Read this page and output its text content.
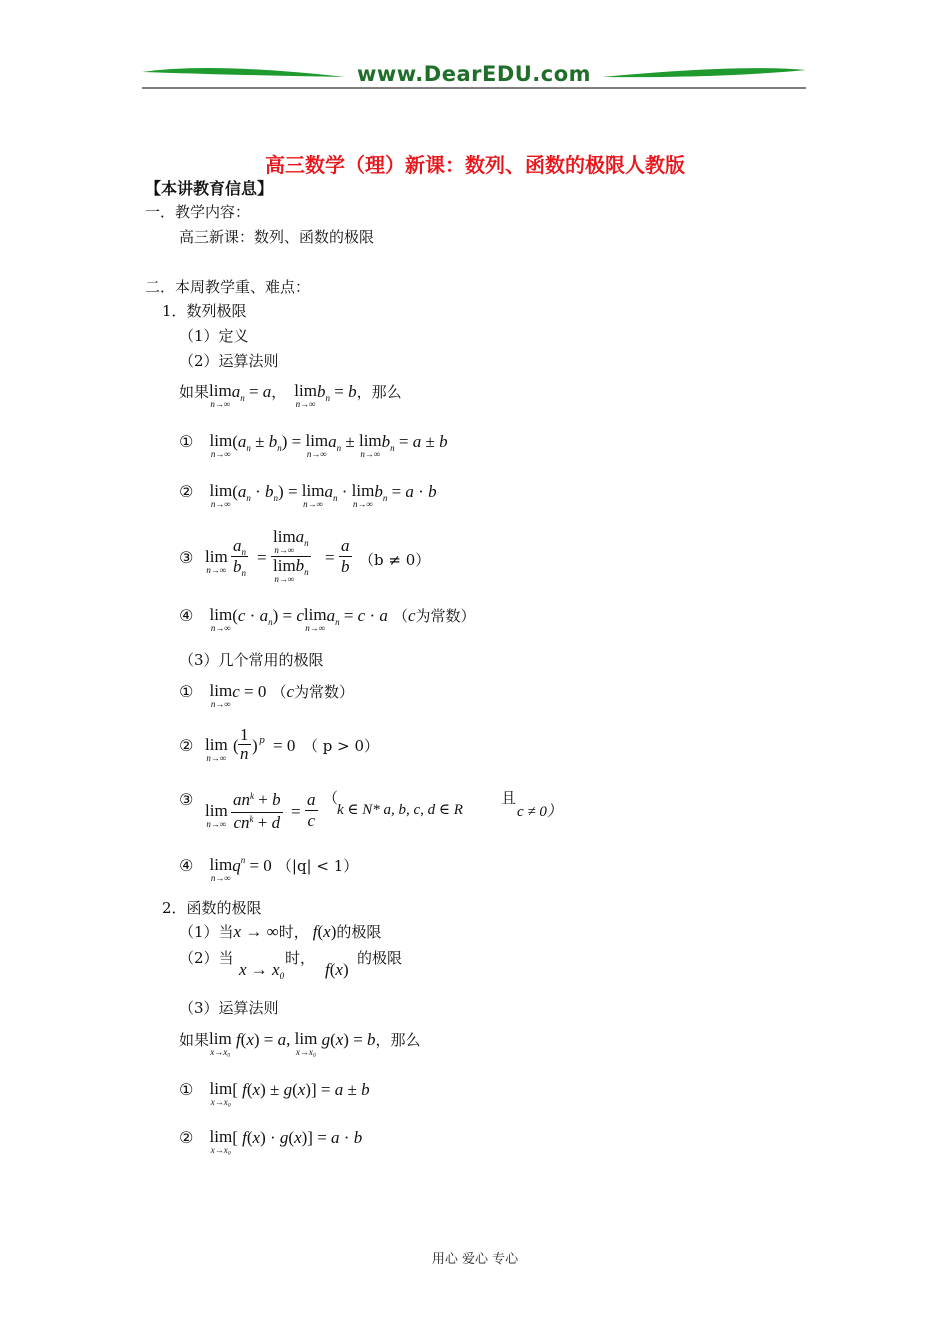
www.DearEDU.com
高三数学（理）新课：数列、函数的极限人教版
【本讲教育信息】
一．教学内容：
高三新课：数列、函数的极限
二．本周教学重、难点：
1．数列极限
（1）定义
（2）运算法则
如果 lim
n→∞
$a_n = a$， lim
n→∞
$b_n = b$，那么
① lim
n→∞
$(a_n \pm b_n) = \lim$
n→∞
$a_n \pm \lim$
n→∞
$b_n = a \pm b$
② lim
n→∞
$(a_n \cdot b_n) = \lim$
n→∞
$a_n \cdot \lim$
n→∞
$b_n = a \cdot b$
③ lim
$n\to\infty \frac{a_n}{b_n} = \lim$
n→∞
$a_n$
lim
n→∞
$b_n = \frac{a}{b} (b \ne 0)$
④ lim
n→∞
$(c \cdot a_n) = c$ lim
n→∞
$a_n = c \cdot a$ （c为常数）
（3）几个常用的极限
① lim
n→∞
c = 0 （c为常数）
② lim
n→∞
( $\frac{1}{n}$ ) p = 0 （ p > 0）
③
lim
n→∞
$an^k + b$
$cn^k + d$
= $\frac{a}{c}$ （
k ∈ N* a, b, c, d ∈ R
且
c ≠ 0）
④ lim
n→∞
$q^n = 0$ （|q| < 1）
2．函数的极限
（1）当x → ∞时， f(x)的极限
（2）当
$x \to x_0$
时，
f(x)
的极限
（3）运算法则
如果 lim
x→x₀
f(x) = a, lim
x→x₀
g(x) = b，那么
① lim
x→x₀
[ f(x) ± g(x)] = a ± b
② lim
x→x₀
[ f(x) · g(x)] = a · b
用心 爱心 专心
